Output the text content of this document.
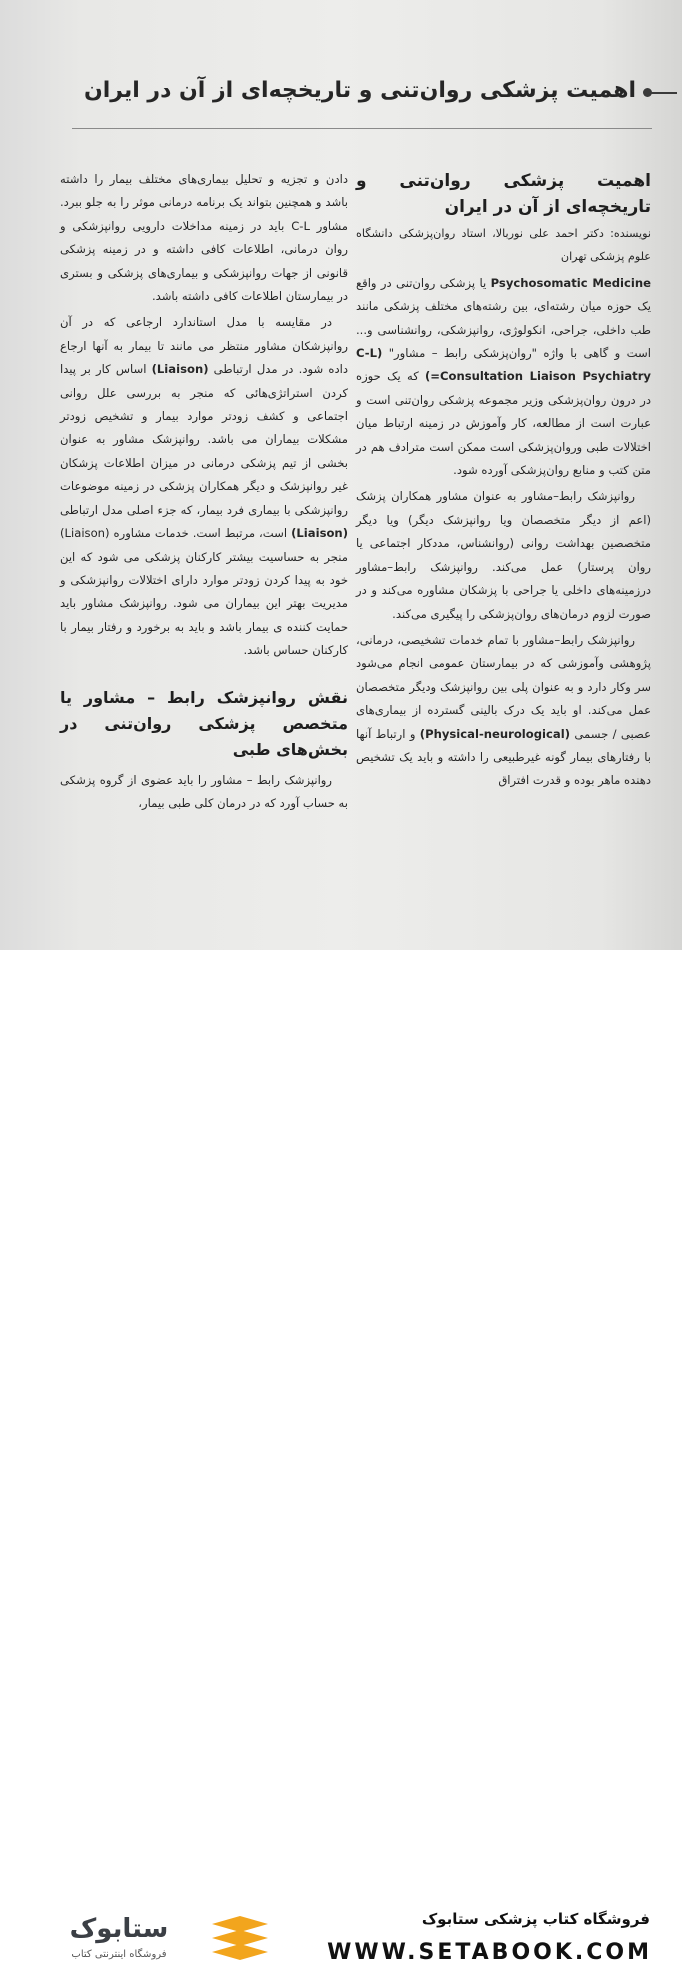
اهمیت پزشکی روان‌تنی و تاریخچه‌ای از آن در ایران
اهمیت پزشکی روان‌تنی و تاریخچه‌ای از آن در ایران

نویسنده: دکتر احمد علی نوربالا، استاد روان‌پزشکی دانشگاه علوم پزشکی تهران

Psychosomatic Medicine یا پزشکی روان‌تنی در واقع یک حوزه میان رشته‌ای، بین رشته‌های مختلف پزشکی مانند طب داخلی، جراحی، انکولوژی، روانپزشکی، روانشناسی و... است و گاهی با واژه "روان‌پزشکی رابط – مشاور" (C-L Consultation Liaison Psychiatry=) که یک حوزه در درون روان‌پزشکی وزیر مجموعه پزشکی روان‌تنی است و عبارت است از مطالعه، کار وآموزش در زمینه ارتباط میان اختلالات طبی وروان‌پزشکی است ممکن است مترادف هم در متن کتب و منابع روان‌پزشکی آورده شود.

روانپزشک رابط–مشاور به عنوان مشاور همکاران پزشک (اعم از دیگر متخصصان ویا روانپزشک دیگر) ویا دیگر متخصصین بهداشت روانی (روانشناس، مددکار اجتماعی یا روان پرستار) عمل می‌کند. روانپزشک رابط–مشاور درزمینه‌های داخلی یا جراحی با پزشکان مشاوره می‌کند و در صورت لزوم درمان‌های روان‌پزشکی را پیگیری می‌کند.

روانپزشک رابط–مشاور با تمام خدمات تشخیصی، درمانی، پژوهشی وآموزشی که در بیمارستان عمومی انجام می‌شود سر وکار دارد و به عنوان پلی بین روانپزشک ودیگر متخصصان عمل می‌کند. او باید یک درک بالینی گسترده از بیماری‌های عصبی / جسمی (Physical-neurological) و ارتباط آنها با رفتارهای بیمار گونه غیرطبیعی را داشته و باید یک تشخیص دهنده ماهر بوده و قدرت افتراق

دادن و تجزیه و تحلیل بیماری‌های مختلف بیمار را داشته باشد و همچنین بتواند یک برنامه درمانی موثر را به جلو ببرد. مشاور C-L باید در زمینه مداخلات دارویی روانپزشکی و روان درمانی، اطلاعات کافی داشته و در زمینه پزشکی قانونی از جهات روانپزشکی و بیماری‌های پزشکی و بستری در بیمارستان اطلاعات کافی داشته باشد.

در مقایسه با مدل استاندارد ارجاعی که در آن روانپزشکان مشاور منتظر می مانند تا بیمار به آنها ارجاع داده شود. در مدل ارتباطی (Liaison) اساس کار بر پیدا کردن استراتژی‌هائی که منجر به بررسی علل روانی اجتماعی و کشف زودتر موارد بیمار و تشخیص زودتر مشکلات بیماران می باشد. روانپزشک مشاور به عنوان بخشی از تیم پزشکی درمانی در میزان اطلاعات پزشکان غیر روانپزشک و دیگر همکاران پزشکی در زمینه موضوعات روانپزشکی با بیماری فرد بیمار، که جزء اصلی مدل ارتباطی (Liaison) است، مرتبط است. خدمات مشاوره (Liaison) منجر به حساسیت بیشتر کارکنان پزشکی می شود که این خود به پیدا کردن زودتر موارد دارای اختلالات روانپزشکی و مدیریت بهتر این بیماران می شود. روانپزشک مشاور باید حمایت کننده ی بیمار باشد و باید به برخورد و رفتار بیمار با کارکنان حساس باشد.

نقش روانپزشک رابط – مشاور یا متخصص پزشکی روان‌تنی در بخش‌های طبی

روانپزشک رابط – مشاور را باید عضوی از گروه پزشکی به حساب آورد که در درمان کلی طبی بیمار،

ستابوک
فروشگاه اینترنتی کتاب
فروشگاه کتاب پزشکی ستابوک
WWW.SETABOOK.COM
